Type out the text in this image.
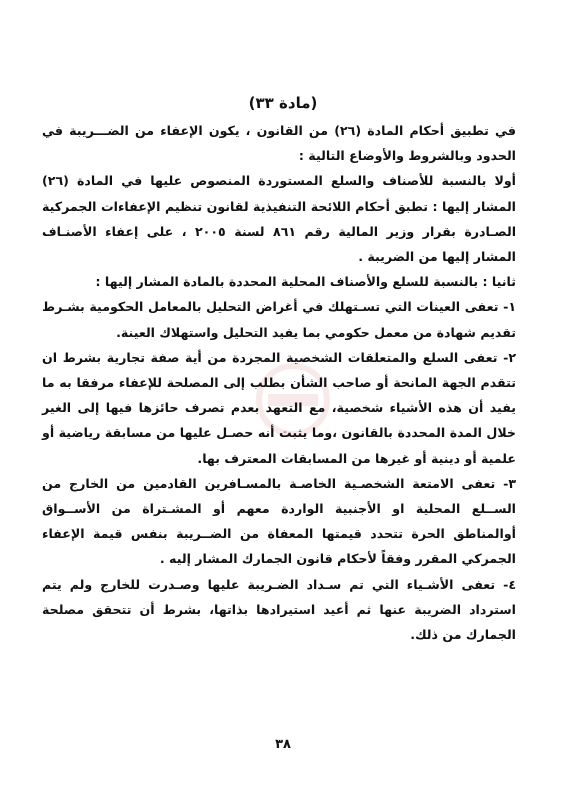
(مادة ٣٣)

في تطبيق أحكام المادة (٢٦) من القانون ، يكون الإعفاء من الضـــريبة في الحدود وبالشروط والأوضاع التالية :

أولا بالنسبة للأصناف والسلع المستوردة المنصوص عليها في المادة (٢٦) المشار إليها : تطبق أحكام اللائحة التنفيذية لقانون تنظيم الإعفاءات الجمركية الصـادرة بقرار وزير المالية رقم ٨٦١ لسنة ٢٠٠٥ ، على إعفاء الأصنـاف المشار إليها من الضريبة .

ثانيا : بالنسبة للسلع والأصناف المحلية المحددة بالمادة المشار إليها :

١- تعفى العينات التي تسـتهلك في أغراض التحليل بالمعامل الحكومية بشـرط تقديم شهادة من معمل حكومي بما يفيد التحليل واستهلاك العينة.

٢- تعفى السلع والمتعلقات الشخصية المجردة من أية صفة تجارية بشرط ان تتقدم الجهة المانحة أو صاحب الشأن بطلب إلى المصلحة للإعفاء مرفقا به ما يفيد أن هذه الأشياء شخصية، مع التعهد بعدم تصرف حائزها فيها إلى الغير خلال المدة المحددة بالقانون ،وما يثبت أنه حصـل عليها من مسابقة رياضية أو علمية أو دينية أو غيرها من المسابقات المعترف بها.

٣- تعفى الامتعة الشخصـية الخاصـة بالمسـافرين القادمين من الخارج من الســلع المحلية او الأجنبية الواردة معهم أو المشـتراة من الأســواق أوالمناطق الحرة تتحدد قيمتها المعفاة من الضــريبة بنفس قيمة الإعفاء الجمركي المقرر وفقاً لأحكام قانون الجمارك المشار إليه .

٤- تعفى الأشـياء التي تم سـداد الضـريبة عليها وصـدرت للخارج ولم يتم استرداد الضريبة عنها ثم أعيد استيرادها بذاتها، بشرط أن تتحقق مصلحة الجمارك من ذلك.

٣٨
